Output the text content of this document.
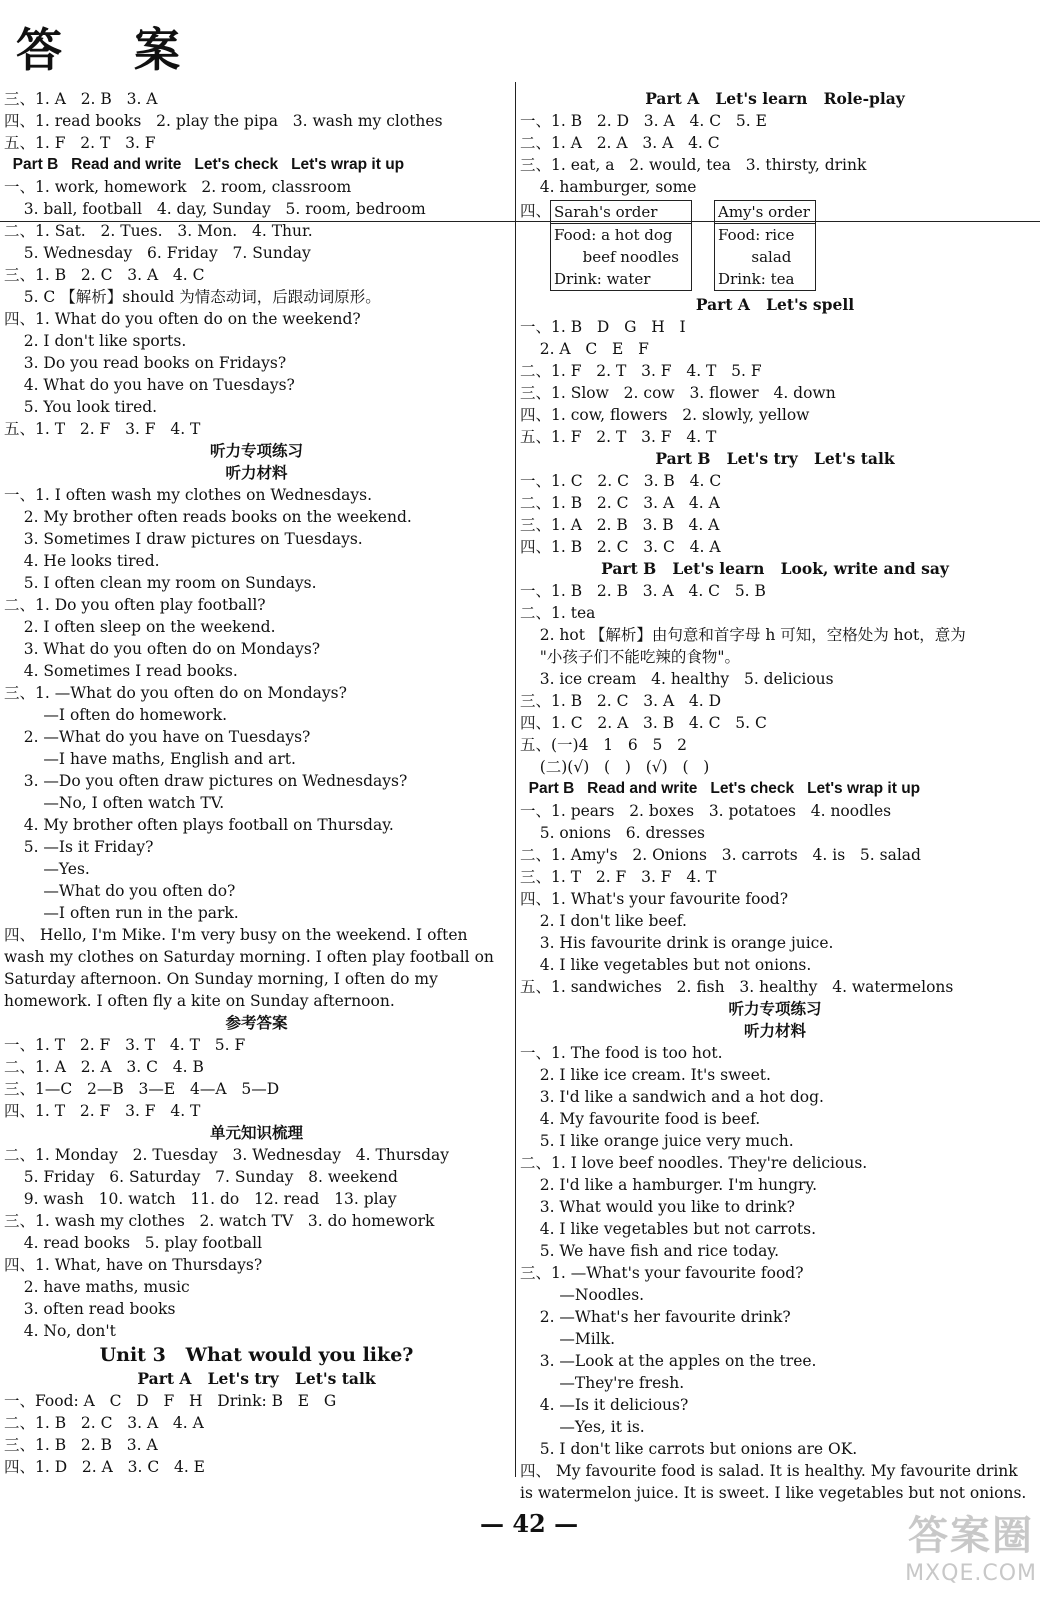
答 案
三、1. A   2. B   3. A
四、1. read books   2. play the pipa   3. wash my clothes
五、1. F   2. T   3. F
Part B   Read and write   Let's check   Let's wrap it up
一、1. work, homework   2. room, classroom
3. ball, football   4. day, Sunday   5. room, bedroom
二、1. Sat.   2. Tues.   3. Mon.   4. Thur.
5. Wednesday   6. Friday   7. Sunday
三、1. B   2. C   3. A   4. C
5. C 【解析】should 为情态动词，后跟动词原形。
四、1. What do you often do on the weekend?
2. I don't like sports.
3. Do you read books on Fridays?
4. What do you have on Tuesdays?
5. You look tired.
五、1. T   2. F   3. F   4. T
听力专项练习
听力材料
一、1. I often wash my clothes on Wednesdays.
2. My brother often reads books on the weekend.
3. Sometimes I draw pictures on Tuesdays.
4. He looks tired.
5. I often clean my room on Sundays.
二、1. Do you often play football?
2. I often sleep on the weekend.
3. What do you often do on Mondays?
4. Sometimes I read books.
三、1. —What do you often do on Mondays?
—I often do homework.
2. —What do you have on Tuesdays?
—I have maths, English and art.
3. —Do you often draw pictures on Wednesdays?
—No, I often watch TV.
4. My brother often plays football on Thursday.
5. —Is it Friday?
—Yes.
—What do you often do?
—I often run in the park.
四、 Hello, I'm Mike. I'm very busy on the weekend. I often wash my clothes on Saturday morning. I often play football on Saturday afternoon. On Sunday morning, I often do my homework. I often fly a kite on Sunday afternoon.
参考答案
一、1. T   2. F   3. T   4. T   5. F
二、1. A   2. A   3. C   4. B
三、1—C   2—B   3—E   4—A   5—D
四、1. T   2. F   3. F   4. T
单元知识梳理
二、1. Monday   2. Tuesday   3. Wednesday   4. Thursday
5. Friday   6. Saturday   7. Sunday   8. weekend
9. wash   10. watch   11. do   12. read   13. play
三、1. wash my clothes   2. watch TV   3. do homework
4. read books   5. play football
四、1. What, have on Thursdays?
2. have maths, music
3. often read books
4. No, don't
Unit 3   What would you like?
Part A   Let's try   Let's talk
一、Food: A   C   D   F   H   Drink: B   E   G
二、1. B   2. C   3. A   4. A
三、1. B   2. B   3. A
四、1. D   2. A   3. C   4. E
Part A   Let's learn   Role-play
一、1. B   2. D   3. A   4. C   5. E
二、1. A   2. A   3. A   4. C
三、1. eat, a   2. would, tea   3. thirsty, drink
4. hamburger, some
四、 Sarah's order
Food: a hot dog
beef noodles
Drink: water
Amy's order
Food: rice
salad
Drink: tea
Part A   Let's spell
一、1. B   D   G   H   I
2. A   C   E   F
二、1. F   2. T   3. F   4. T   5. F
三、1. Slow   2. cow   3. flower   4. down
四、1. cow, flowers   2. slowly, yellow
五、1. F   2. T   3. F   4. T
Part B   Let's try   Let's talk
一、1. C   2. C   3. B   4. C
二、1. B   2. C   3. A   4. A
三、1. A   2. B   3. B   4. A
四、1. B   2. C   3. C   4. A
Part B   Let's learn   Look, write and say
一、1. B   2. B   3. A   4. C   5. B
二、1. tea
2. hot 【解析】由句意和首字母 h 可知，空格处为 hot，意为
"小孩子们不能吃辣的食物"。
3. ice cream   4. healthy   5. delicious
三、1. B   2. C   3. A   4. D
四、1. C   2. A   3. B   4. C   5. C
五、(一)4   1   6   5   2
(二)(√)   (   )   (√)   (   )
Part B   Read and write   Let's check   Let's wrap it up
一、1. pears   2. boxes   3. potatoes   4. noodles
5. onions   6. dresses
二、1. Amy's   2. Onions   3. carrots   4. is   5. salad
三、1. T   2. F   3. F   4. T
四、1. What's your favourite food?
2. I don't like beef.
3. His favourite drink is orange juice.
4. I like vegetables but not onions.
五、1. sandwiches   2. fish   3. healthy   4. watermelons
听力专项练习
听力材料
一、1. The food is too hot.
2. I like ice cream. It's sweet.
3. I'd like a sandwich and a hot dog.
4. My favourite food is beef.
5. I like orange juice very much.
二、1. I love beef noodles. They're delicious.
2. I'd like a hamburger. I'm hungry.
3. What would you like to drink?
4. I like vegetables but not carrots.
5. We have fish and rice today.
三、1. —What's your favourite food?
—Noodles.
2. —What's her favourite drink?
—Milk.
3. —Look at the apples on the tree.
—They're fresh.
4. —Is it delicious?
—Yes, it is.
5. I don't like carrots but onions are OK.
四、 My favourite food is salad. It is healthy. My favourite drink is watermelon juice. It is sweet. I like vegetables but not onions.
— 42 —	答案圈
MXQE.COM
